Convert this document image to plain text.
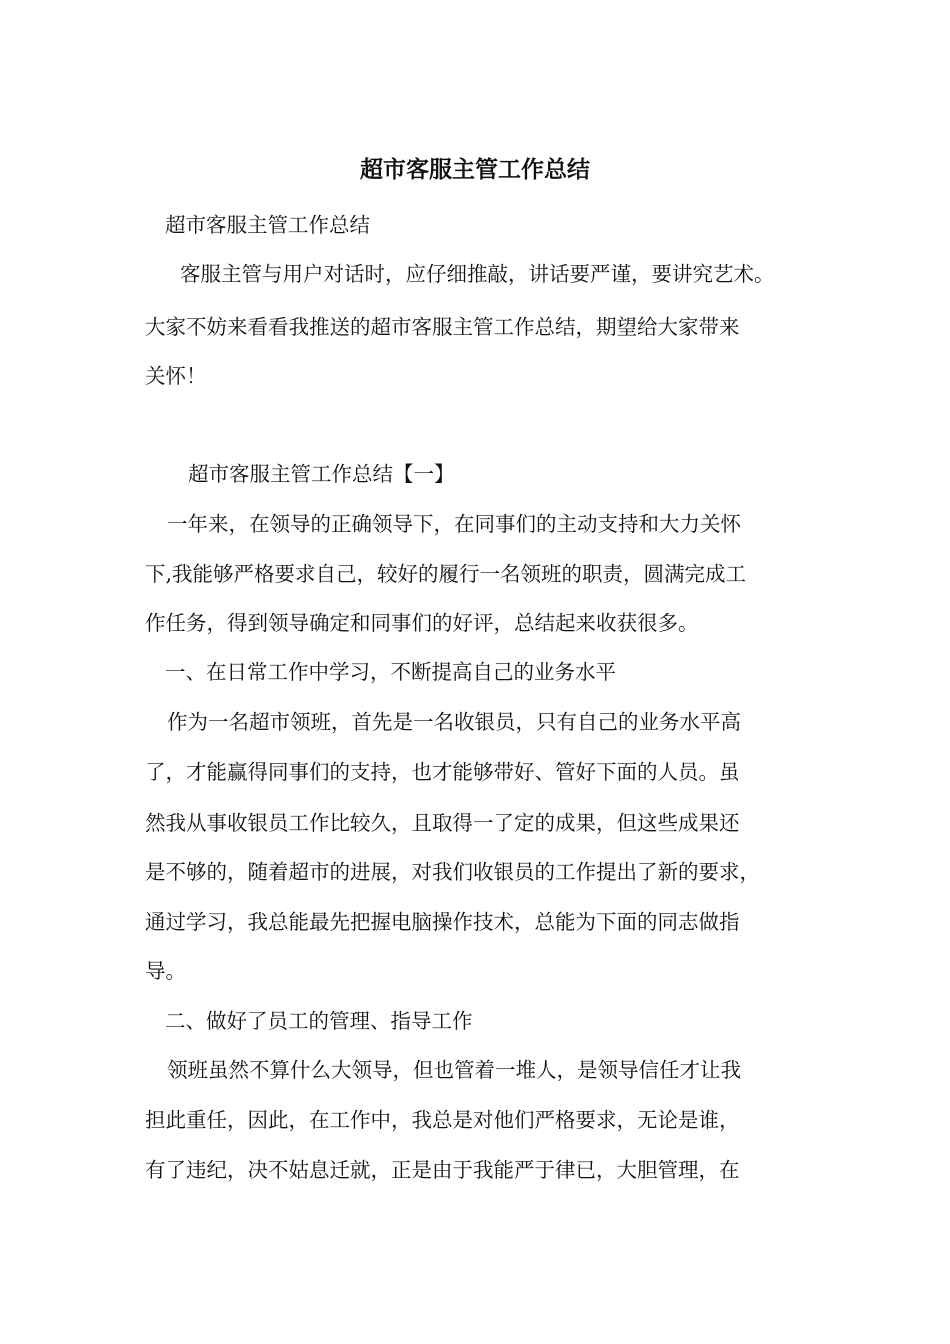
超市客服主管工作总结
超市客服主管工作总结
客服主管与用户对话时，应仔细推敲，讲话要严谨，要讲究艺术。
大家不妨来看看我推送的超市客服主管工作总结，期望给大家带来
关怀！
超市客服主管工作总结【一】
一年来，在领导的正确领导下，在同事们的主动支持和大力关怀
下,我能够严格要求自己，较好的履行一名领班的职责，圆满完成工
作任务，得到领导确定和同事们的好评，总结起来收获很多。
一、在日常工作中学习，不断提高自己的业务水平
作为一名超市领班，首先是一名收银员，只有自己的业务水平高
了，才能赢得同事们的支持，也才能够带好、管好下面的人员。虽
然我从事收银员工作比较久，且取得一了定的成果，但这些成果还
是不够的，随着超市的进展，对我们收银员的工作提出了新的要求，
通过学习，我总能最先把握电脑操作技术，总能为下面的同志做指
导。
二、做好了员工的管理、指导工作
领班虽然不算什么大领导，但也管着一堆人，是领导信任才让我
担此重任，因此，在工作中，我总是对他们严格要求，无论是谁，
有了违纪，决不姑息迁就，正是由于我能严于律已，大胆管理，在
